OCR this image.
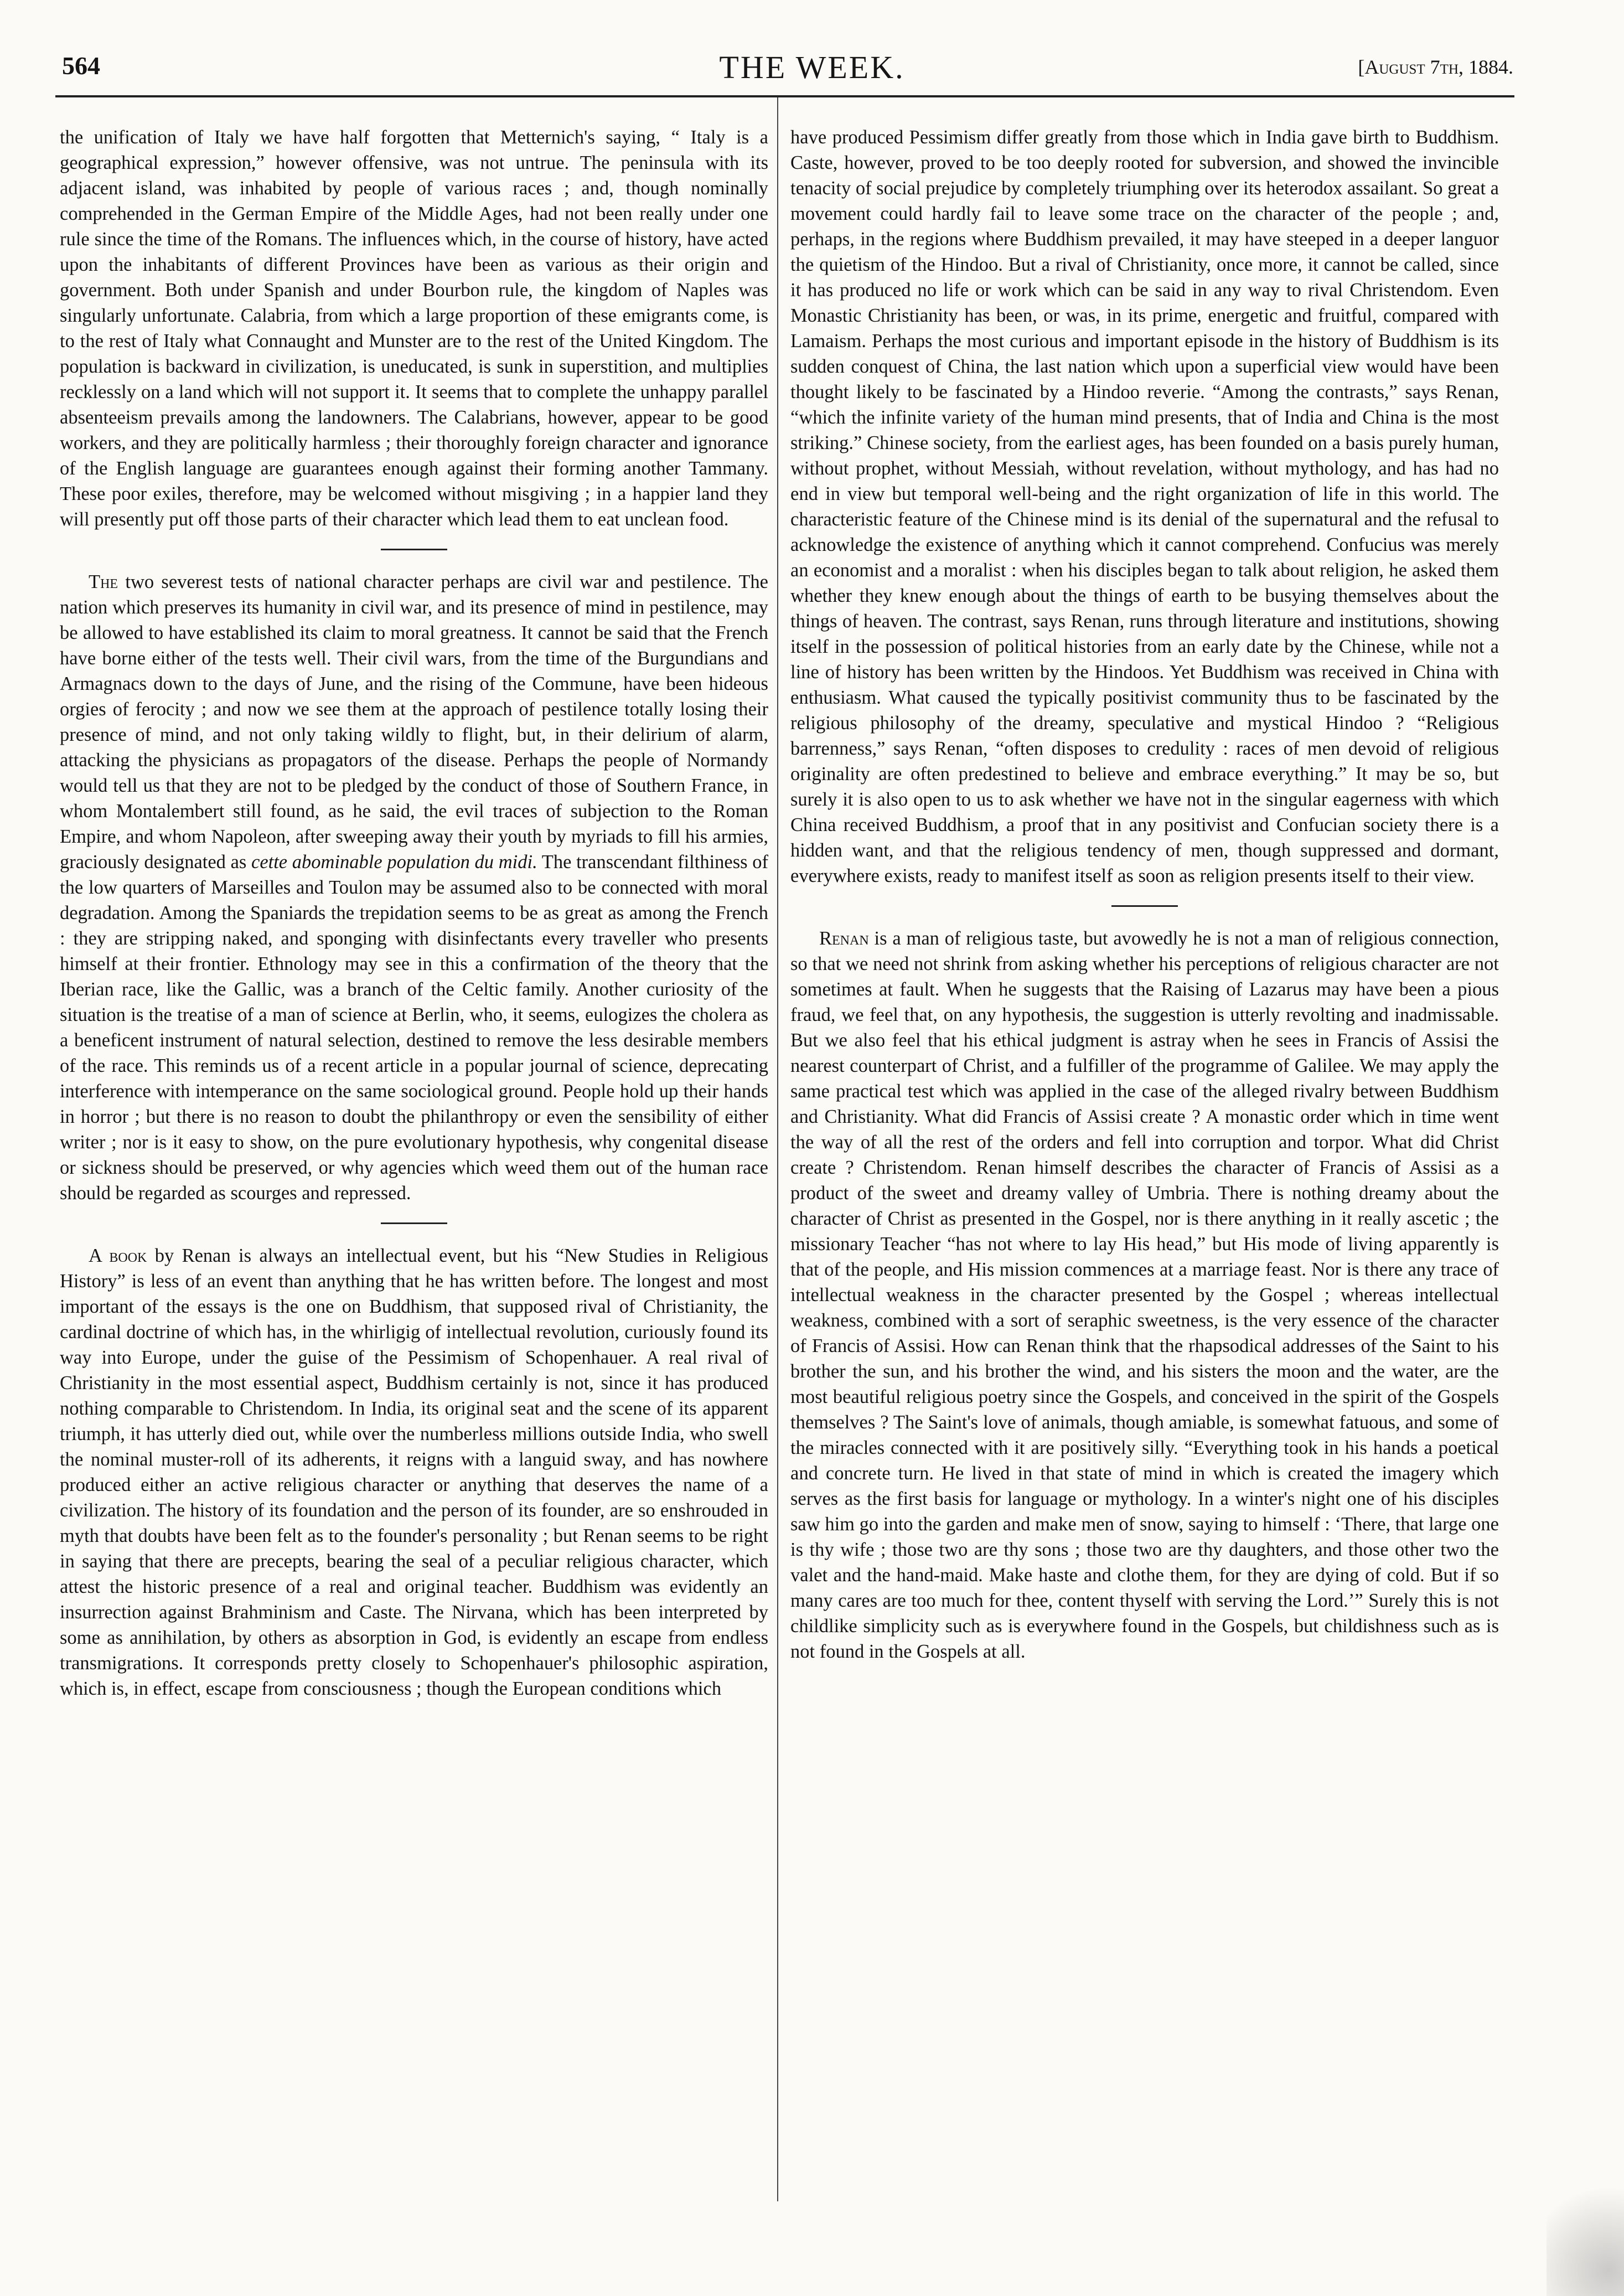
564	THE WEEK.	[August 7th, 1884.

the unification of Italy we have half forgotten that Metternich's saying, “ Italy is a geographical expression,” however offensive, was not untrue. The peninsula with its adjacent island, was inhabited by people of various races ; and, though nominally comprehended in the German Empire of the Middle Ages, had not been really under one rule since the time of the Romans. The influences which, in the course of history, have acted upon the inhabitants of different Provinces have been as various as their origin and government. Both under Spanish and under Bourbon rule, the kingdom of Naples was singularly unfortunate. Calabria, from which a large proportion of these emigrants come, is to the rest of Italy what Connaught and Munster are to the rest of the United Kingdom. The population is backward in civilization, is uneducated, is sunk in superstition, and multiplies recklessly on a land which will not support it. It seems that to complete the unhappy parallel absenteeism prevails among the landowners. The Calabrians, however, appear to be good workers, and they are politically harmless ; their thoroughly foreign character and ignorance of the English language are guarantees enough against their forming another Tammany. These poor exiles, therefore, may be welcomed without misgiving ; in a happier land they will presently put off those parts of their character which lead them to eat unclean food.

The two severest tests of national character perhaps are civil war and pestilence. The nation which preserves its humanity in civil war, and its presence of mind in pestilence, may be allowed to have established its claim to moral greatness. It cannot be said that the French have borne either of the tests well. Their civil wars, from the time of the Burgundians and Armagnacs down to the days of June, and the rising of the Commune, have been hideous orgies of ferocity ; and now we see them at the approach of pestilence totally losing their presence of mind, and not only taking wildly to flight, but, in their delirium of alarm, attacking the physicians as propagators of the disease. Perhaps the people of Normandy would tell us that they are not to be pledged by the conduct of those of Southern France, in whom Montalembert still found, as he said, the evil traces of subjection to the Roman Empire, and whom Napoleon, after sweeping away their youth by myriads to fill his armies, graciously designated as cette abominable population du midi. The transcendant filthiness of the low quarters of Marseilles and Toulon may be assumed also to be connected with moral degradation. Among the Spaniards the trepidation seems to be as great as among the French : they are stripping naked, and sponging with disinfectants every traveller who presents himself at their frontier. Ethnology may see in this a confirmation of the theory that the Iberian race, like the Gallic, was a branch of the Celtic family. Another curiosity of the situation is the treatise of a man of science at Berlin, who, it seems, eulogizes the cholera as a beneficent instrument of natural selection, destined to remove the less desirable members of the race. This reminds us of a recent article in a popular journal of science, deprecating interference with intemperance on the same sociological ground. People hold up their hands in horror ; but there is no reason to doubt the philanthropy or even the sensibility of either writer ; nor is it easy to show, on the pure evolutionary hypothesis, why congenital disease or sickness should be preserved, or why agencies which weed them out of the human race should be regarded as scourges and repressed.

A book by Renan is always an intellectual event, but his “New Studies in Religious History” is less of an event than anything that he has written before. The longest and most important of the essays is the one on Buddhism, that supposed rival of Christianity, the cardinal doctrine of which has, in the whirligig of intellectual revolution, curiously found its way into Europe, under the guise of the Pessimism of Schopenhauer. A real rival of Christianity in the most essential aspect, Buddhism certainly is not, since it has produced nothing comparable to Christendom. In India, its original seat and the scene of its apparent triumph, it has utterly died out, while over the numberless millions outside India, who swell the nominal muster-roll of its adherents, it reigns with a languid sway, and has nowhere produced either an active religious character or anything that deserves the name of a civilization. The history of its foundation and the person of its founder, are so enshrouded in myth that doubts have been felt as to the founder's personality ; but Renan seems to be right in saying that there are precepts, bearing the seal of a peculiar religious character, which attest the historic presence of a real and original teacher. Buddhism was evidently an insurrection against Brahminism and Caste. The Nirvana, which has been interpreted by some as annihilation, by others as absorption in God, is evidently an escape from endless transmigrations. It corresponds pretty closely to Schopenhauer's philosophic aspiration, which is, in effect, escape from consciousness ; though the European conditions which

have produced Pessimism differ greatly from those which in India gave birth to Buddhism. Caste, however, proved to be too deeply rooted for subversion, and showed the invincible tenacity of social prejudice by completely triumphing over its heterodox assailant. So great a movement could hardly fail to leave some trace on the character of the people ; and, perhaps, in the regions where Buddhism prevailed, it may have steeped in a deeper languor the quietism of the Hindoo. But a rival of Christianity, once more, it cannot be called, since it has produced no life or work which can be said in any way to rival Christendom. Even Monastic Christianity has been, or was, in its prime, energetic and fruitful, compared with Lamaism. Perhaps the most curious and important episode in the history of Buddhism is its sudden conquest of China, the last nation which upon a superficial view would have been thought likely to be fascinated by a Hindoo reverie. “Among the contrasts,” says Renan, “which the infinite variety of the human mind presents, that of India and China is the most striking.” Chinese society, from the earliest ages, has been founded on a basis purely human, without prophet, without Messiah, without revelation, without mythology, and has had no end in view but temporal well-being and the right organization of life in this world. The characteristic feature of the Chinese mind is its denial of the supernatural and the refusal to acknowledge the existence of anything which it cannot comprehend. Confucius was merely an economist and a moralist : when his disciples began to talk about religion, he asked them whether they knew enough about the things of earth to be busying themselves about the things of heaven. The contrast, says Renan, runs through literature and institutions, showing itself in the possession of political histories from an early date by the Chinese, while not a line of history has been written by the Hindoos. Yet Buddhism was received in China with enthusiasm. What caused the typically positivist community thus to be fascinated by the religious philosophy of the dreamy, speculative and mystical Hindoo ? “Religious barrenness,” says Renan, “often disposes to credulity : races of men devoid of religious originality are often predestined to believe and embrace everything.” It may be so, but surely it is also open to us to ask whether we have not in the singular eagerness with which China received Buddhism, a proof that in any positivist and Confucian society there is a hidden want, and that the religious tendency of men, though suppressed and dormant, everywhere exists, ready to manifest itself as soon as religion presents itself to their view.

Renan is a man of religious taste, but avowedly he is not a man of religious connection, so that we need not shrink from asking whether his perceptions of religious character are not sometimes at fault. When he suggests that the Raising of Lazarus may have been a pious fraud, we feel that, on any hypothesis, the suggestion is utterly revolting and inadmissable. But we also feel that his ethical judgment is astray when he sees in Francis of Assisi the nearest counterpart of Christ, and a fulfiller of the programme of Galilee. We may apply the same practical test which was applied in the case of the alleged rivalry between Buddhism and Christianity. What did Francis of Assisi create ? A monastic order which in time went the way of all the rest of the orders and fell into corruption and torpor. What did Christ create ? Christendom. Renan himself describes the character of Francis of Assisi as a product of the sweet and dreamy valley of Umbria. There is nothing dreamy about the character of Christ as presented in the Gospel, nor is there anything in it really ascetic ; the missionary Teacher “has not where to lay His head,” but His mode of living apparently is that of the people, and His mission commences at a marriage feast. Nor is there any trace of intellectual weakness in the character presented by the Gospel ; whereas intellectual weakness, combined with a sort of seraphic sweetness, is the very essence of the character of Francis of Assisi. How can Renan think that the rhapsodical addresses of the Saint to his brother the sun, and his brother the wind, and his sisters the moon and the water, are the most beautiful religious poetry since the Gospels, and conceived in the spirit of the Gospels themselves ? The Saint's love of animals, though amiable, is somewhat fatuous, and some of the miracles connected with it are positively silly. “Everything took in his hands a poetical and concrete turn. He lived in that state of mind in which is created the imagery which serves as the first basis for language or mythology. In a winter's night one of his disciples saw him go into the garden and make men of snow, saying to himself : ‘There, that large one is thy wife ; those two are thy sons ; those two are thy daughters, and those other two the valet and the hand-maid. Make haste and clothe them, for they are dying of cold. But if so many cares are too much for thee, content thyself with serving the Lord.’” Surely this is not childlike simplicity such as is everywhere found in the Gospels, but childishness such as is not found in the Gospels at all.
